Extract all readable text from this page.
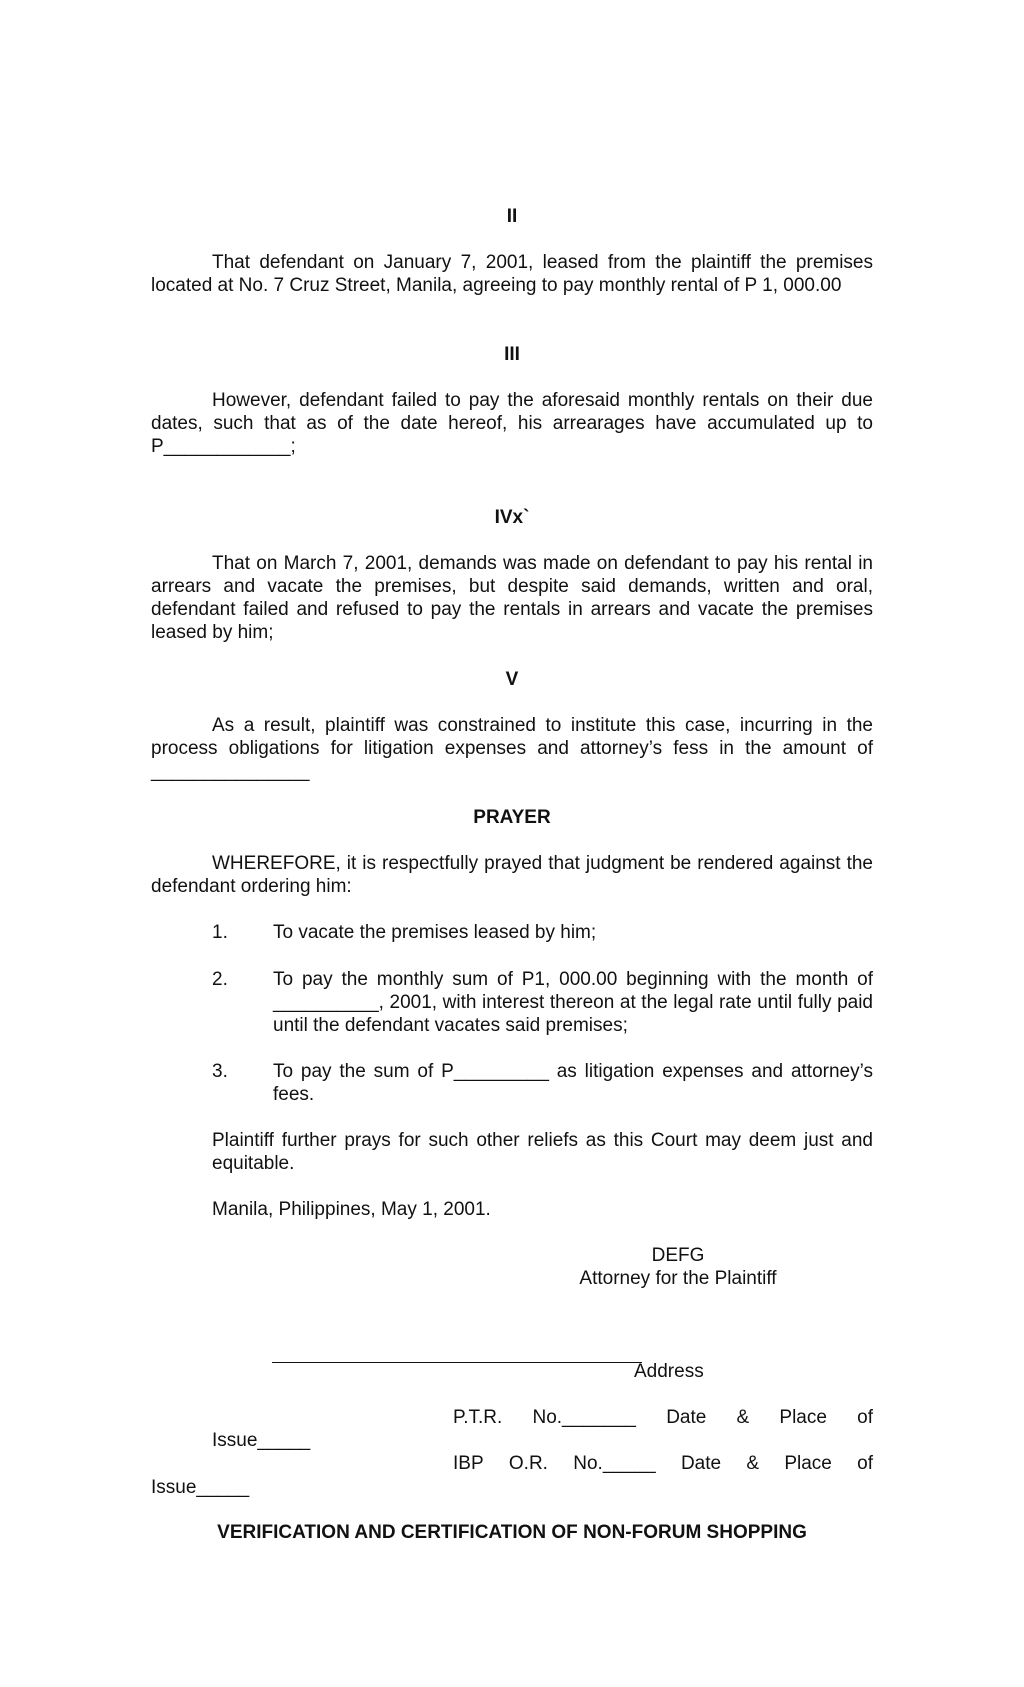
II
That defendant on January 7, 2001, leased from the plaintiff the premises located at No. 7 Cruz Street, Manila, agreeing to pay monthly rental of P 1, 000.00
III
However, defendant failed to pay the aforesaid monthly rentals on their due dates, such that as of the date hereof, his arrearages have accumulated up to P____________;
IVx`
That on March 7, 2001, demands was made on defendant to pay his rental in arrears and vacate the premises, but despite said demands, written and oral, defendant failed and refused to pay the rentals in arrears and vacate the premises leased by him;
V
As a result, plaintiff was constrained to institute this case, incurring in the process obligations for litigation expenses and attorney’s fess in the amount of _______________
PRAYER
WHEREFORE, it is respectfully prayed that judgment be rendered against the defendant ordering him:
1.	To vacate the premises leased by him;
2.	To pay the monthly sum of P1, 000.00 beginning with the month of __________, 2001, with interest thereon at the legal rate until fully paid until the defendant vacates said premises;
3.	To pay the sum of P_________ as litigation expenses and attorney’s fees.
Plaintiff further prays for such other reliefs as this Court may deem just and equitable.
Manila, Philippines, May 1, 2001.
DEFG
Attorney for the Plaintiff
Address
P.T.R. No._______ Date & Place of
Issue_____
IBP O.R. No._____ Date & Place of
Issue_____
VERIFICATION AND CERTIFICATION OF NON-FORUM SHOPPING
